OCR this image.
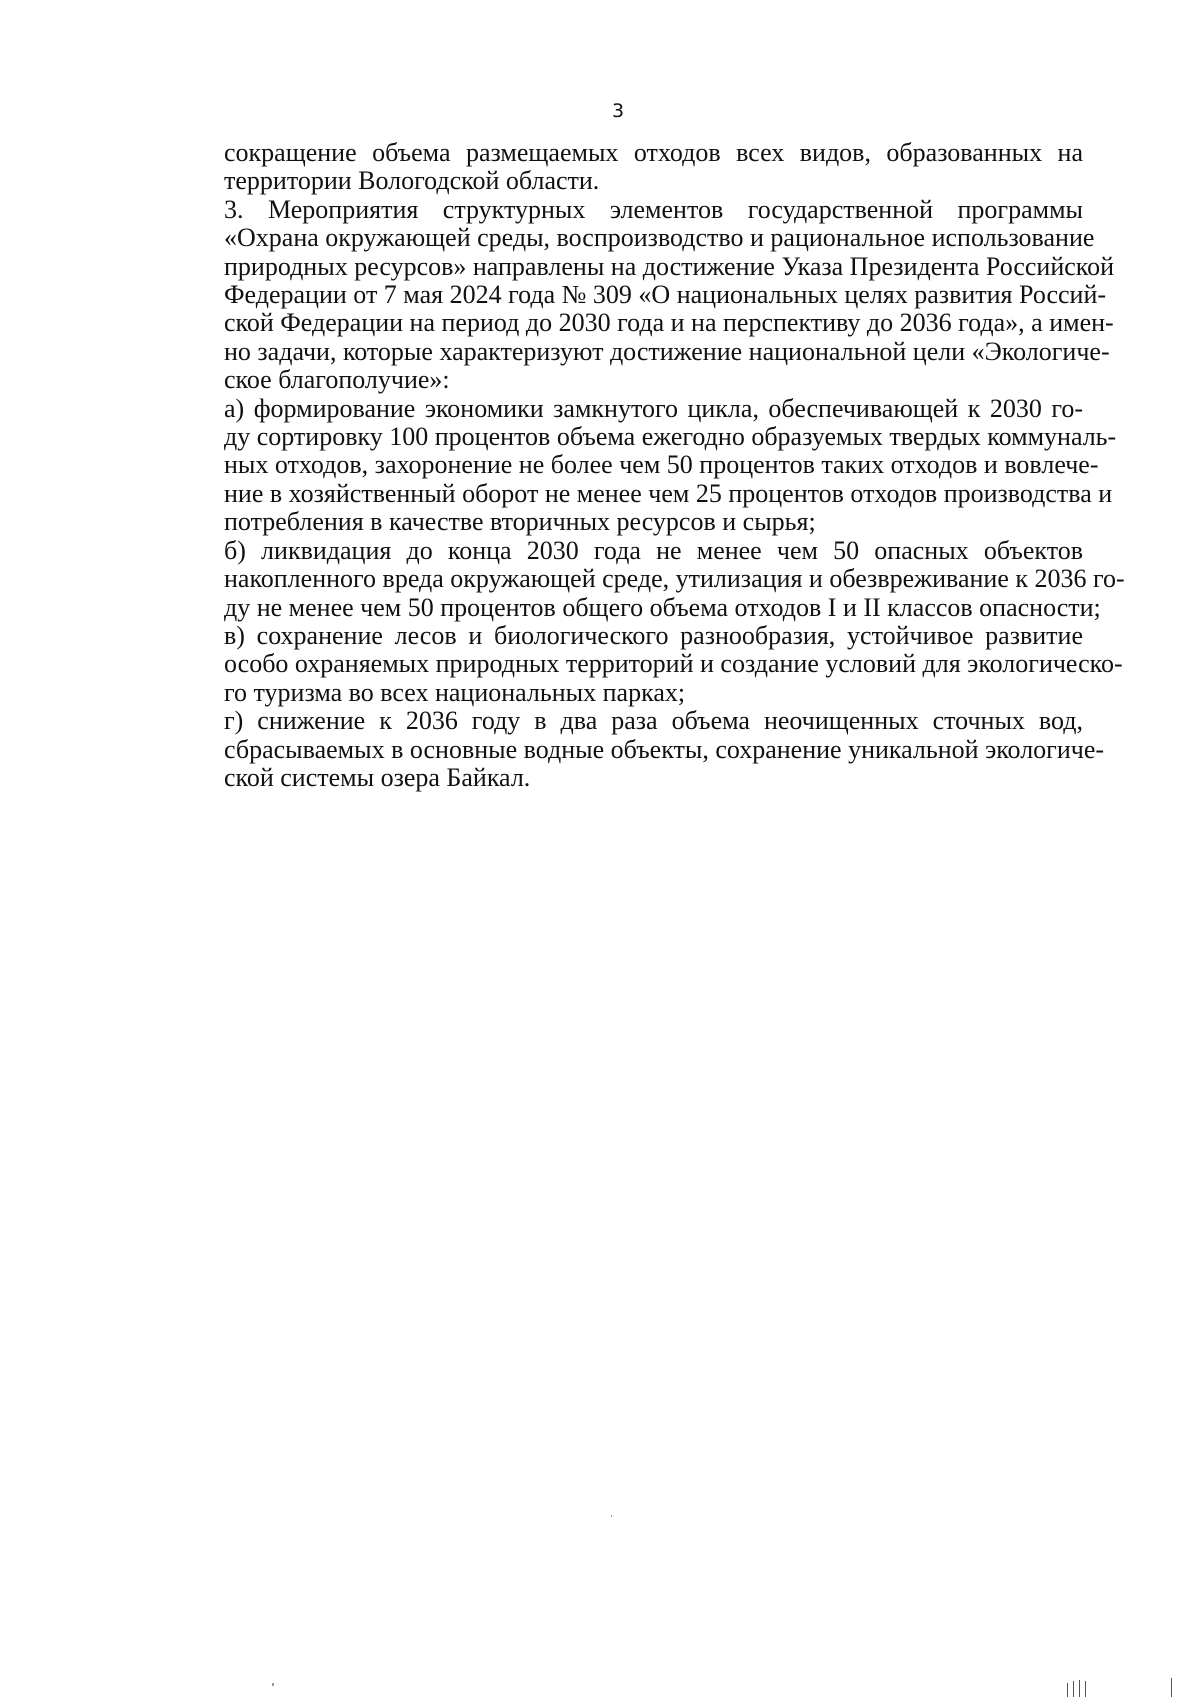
3
сокращение объема размещаемых отходов всех видов, образованных на
территории Вологодской области.
3. Мероприятия структурных элементов государственной программы
«Охрана окружающей среды, воспроизводство и рациональное использование
природных ресурсов» направлены на достижение Указа Президента Российской
Федерации от 7 мая 2024 года № 309 «О национальных целях развития Россий-
ской Федерации на период до 2030 года и на перспективу до 2036 года», а имен-
но задачи, которые характеризуют достижение национальной цели «Экологиче-
ское благополучие»:
а) формирование экономики замкнутого цикла, обеспечивающей к 2030 го-
ду сортировку 100 процентов объема ежегодно образуемых твердых коммуналь-
ных отходов, захоронение не более чем 50 процентов таких отходов и вовлече-
ние в хозяйственный оборот не менее чем 25 процентов отходов производства и
потребления в качестве вторичных ресурсов и сырья;
б) ликвидация до конца 2030 года не менее чем 50 опасных объектов
накопленного вреда окружающей среде, утилизация и обезвреживание к 2036 го-
ду не менее чем 50 процентов общего объема отходов I и II классов опасности;
в) сохранение лесов и биологического разнообразия, устойчивое развитие
особо охраняемых природных территорий и создание условий для экологическо-
го туризма во всех национальных парках;
г) снижение к 2036 году в два раза объема неочищенных сточных вод,
сбрасываемых в основные водные объекты, сохранение уникальной экологиче-
ской системы озера Байкал.
